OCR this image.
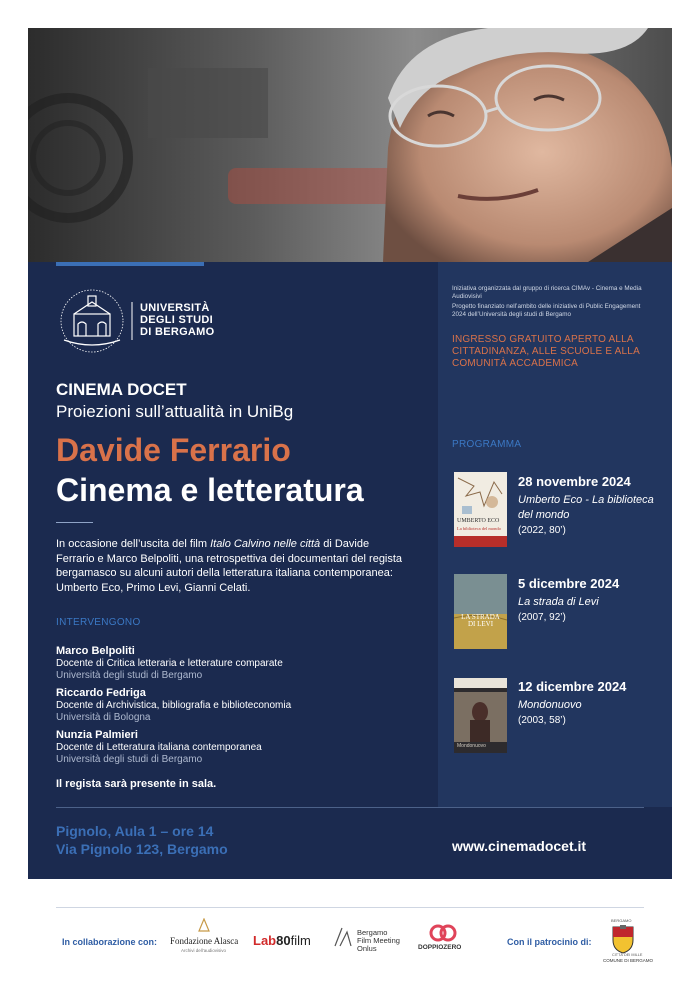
UNIVERSITÀ
DEGLI STUDI
DI BERGAMO
CINEMA DOCET
Proiezioni sull’attualità in UniBg
Davide Ferrario
Cinema e letteratura
In occasione dell’uscita del film Italo Calvino nelle città di Davide Ferrario e Marco Belpoliti, una retrospettiva dei documentari del regista bergamasco su alcuni autori della letteratura italiana contemporanea: Umberto Eco, Primo Levi, Gianni Celati.
INTERVENGONO
Marco Belpoliti
Docente di Critica letteraria e letterature comparate
Università degli studi di Bergamo
Riccardo Fedriga
Docente di Archivistica, bibliografia e biblioteconomia
Università di Bologna
Nunzia Palmieri
Docente di Letteratura italiana contemporanea
Università degli studi di Bergamo
Il regista sarà presente in sala.
Pignolo, Aula 1 – ore 14
Via Pignolo 123, Bergamo	www.cinemadocet.it
Iniziativa organizzata dal gruppo di ricerca CIMAv - Cinema e Media Audiovisivi
Progetto finanziato nell’ambito delle iniziative di Public Engagement 2024 dell’Università degli studi di Bergamo
INGRESSO GRATUITO APERTO ALLA CITTADINANZA, ALLE SCUOLE E ALLA COMUNITÀ ACCADEMICA
PROGRAMMA
UMBERTO ECO
La biblioteca del mondo
28 novembre 2024
Umberto Eco - La biblioteca del mondo
(2022, 80’)
LA STRADA DI LEVI
5 dicembre 2024
La strada di Levi
(2007, 92’)
Mondonuovo
12 dicembre 2024
Mondonuovo
(2003, 58’)
In collaborazione con: Fondazione Alasca
Archivi dell’audiovisivo
Lab80film
Bergamo
Film Meeting
Onlus	DOPPIOZERO
Con il patrocinio di:
BERGAMO
CITTÀ DEI MILLE
COMUNE DI BERGAMO
